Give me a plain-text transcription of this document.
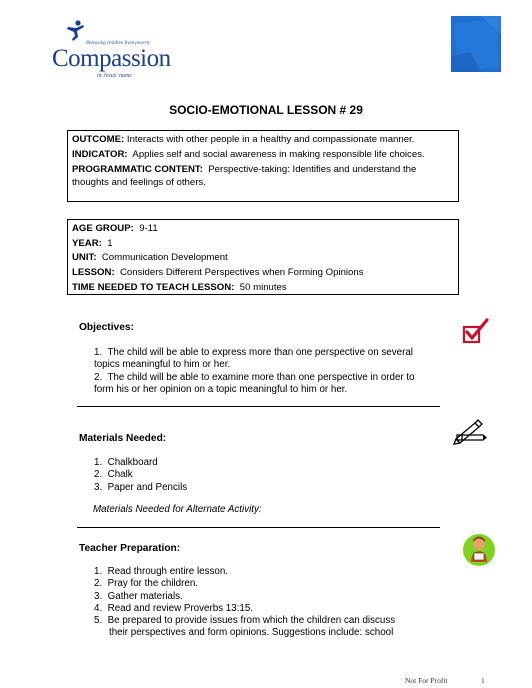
Releasing children from poverty
Compassion
in Jesus' name
SOCIO-EMOTIONAL LESSON # 29

OUTCOME: Interacts with other people in a healthy and compassionate manner.

INDICATOR: Applies self and social awareness in making responsible life choices.

PROGRAMMATIC CONTENT: Perspective-taking: Identifies and understand the thoughts and feelings of others.

AGE GROUP: 9-11

YEAR: 1

UNIT: Communication Development

LESSON: Considers Different Perspectives when Forming Opinions

TIME NEEDED TO TEACH LESSON: 50 minutes

Objectives:
1. The child will be able to express more than one perspective on several
topics meaningful to him or her.
2. The child will be able to examine more than one perspective in order to
form his or her opinion on a topic meaningful to him or her.
Materials Needed:
1. Chalkboard
2. Chalk
3. Paper and Pencils
Materials Needed for Alternate Activity:
Teacher Preparation:
1. Read through entire lesson.
2. Pray for the children.
3. Gather materials.
4. Read and review Proverbs 13:15.
5. Be prepared to provide issues from which the children can discuss
their perspectives and form opinions. Suggestions include: school
Not For Profit	1
